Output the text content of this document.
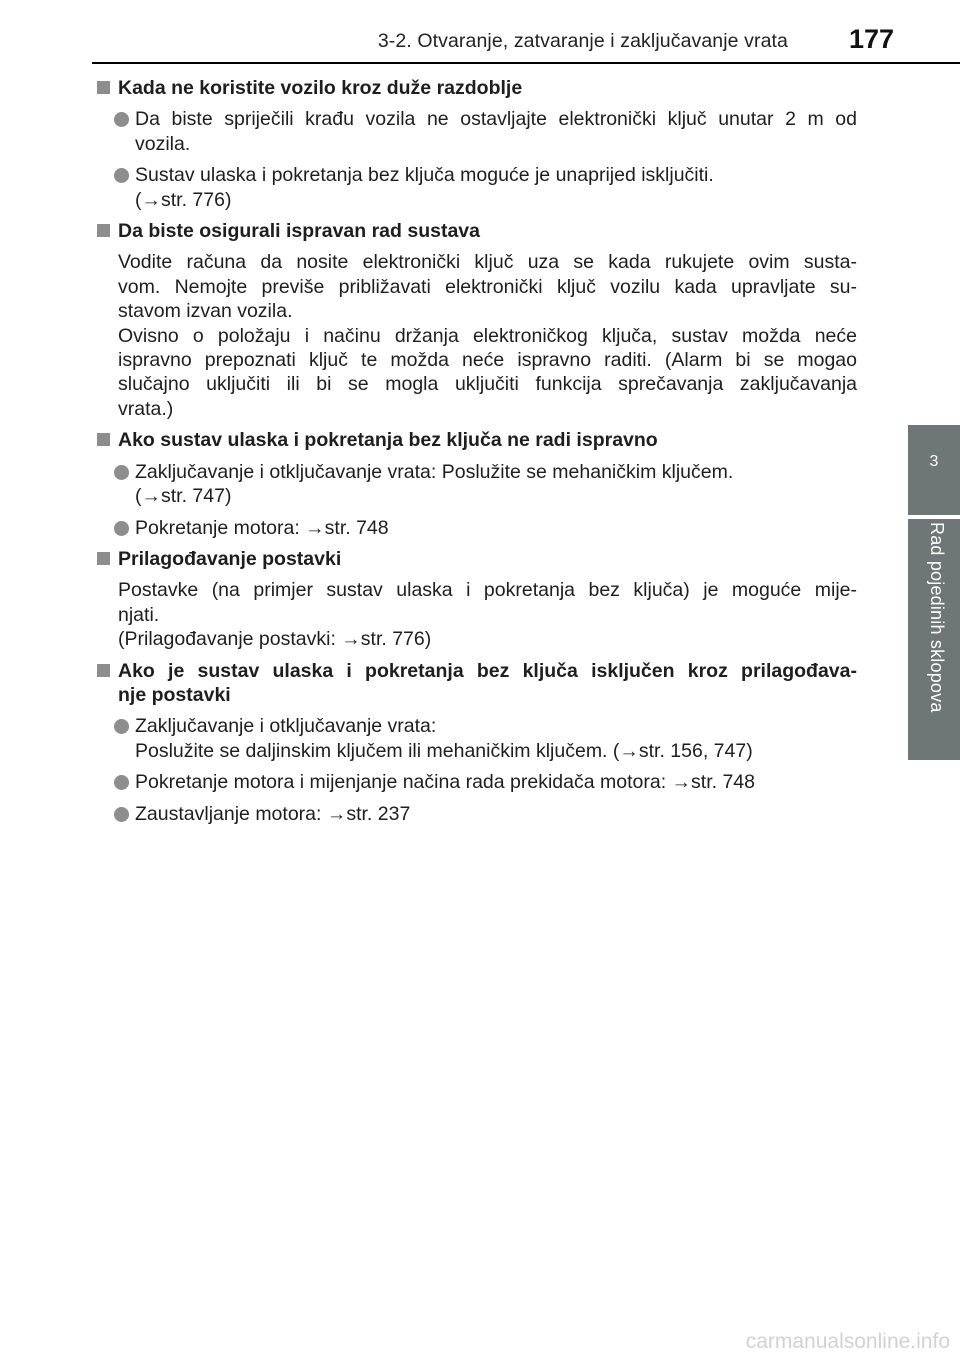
3-2. Otvaranje, zatvaranje i zaključavanje vrata 177
3
Rad pojedinih sklopova
Kada ne koristite vozilo kroz duže razdoblje
Da biste spriječili krađu vozila ne ostavljajte elektronički ključ unutar 2 m od
vozila.
Sustav ulaska i pokretanja bez ključa moguće je unaprijed isključiti.
(→str. 776)
Da biste osigurali ispravan rad sustava
Vodite računa da nosite elektronički ključ uza se kada rukujete ovim susta-
vom. Nemojte previše približavati elektronički ključ vozilu kada upravljate su-
stavom izvan vozila.
Ovisno o položaju i načinu držanja elektroničkog ključa, sustav možda neće
ispravno prepoznati ključ te možda neće ispravno raditi. (Alarm bi se mogao
slučajno uključiti ili bi se mogla uključiti funkcija sprečavanja zaključavanja
vrata.)
Ako sustav ulaska i pokretanja bez ključa ne radi ispravno
Zaključavanje i otključavanje vrata: Poslužite se mehaničkim ključem.
(→str. 747)
Pokretanje motora: →str. 748
Prilagođavanje postavki
Postavke (na primjer sustav ulaska i pokretanja bez ključa) je moguće mije-
njati.
(Prilagođavanje postavki: →str. 776)
Ako je sustav ulaska i pokretanja bez ključa isključen kroz prilagođava-
nje postavki
Zaključavanje i otključavanje vrata:
Poslužite se daljinskim ključem ili mehaničkim ključem. (→str. 156, 747)
Pokretanje motora i mijenjanje načina rada prekidača motora: →str. 748
Zaustavljanje motora: →str. 237
carmanualsonline.info
